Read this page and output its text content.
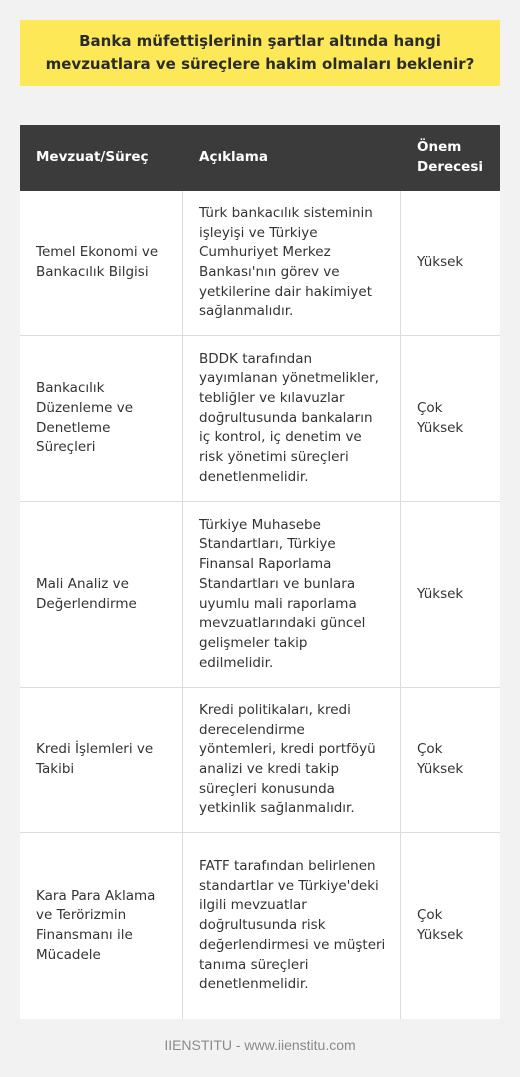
Banka müfettişlerinin şartlar altında hangi mevzuatlara ve süreçlere hakim olmaları beklenir?
Mevzuat/Süreç	Açıklama
Önem Derecesi
Temel Ekonomi ve Bankacılık Bilgisi
Türk bankacılık sisteminin işleyişi ve Türkiye Cumhuriyet Merkez Bankası'nın görev ve yetkilerine dair hakimiyet sağlanmalıdır.
Yüksek
Bankacılık Düzenleme ve Denetleme Süreçleri
BDDK tarafından yayımlanan yönetmelikler, tebliğler ve kılavuzlar doğrultusunda bankaların iç kontrol, iç denetim ve risk yönetimi süreçleri denetlenmelidir.
Çok Yüksek
Mali Analiz ve Değerlendirme
Türkiye Muhasebe Standartları, Türkiye Finansal Raporlama Standartları ve bunlara uyumlu mali raporlama mevzuatlarındaki güncel gelişmeler takip edilmelidir.
Yüksek
Kredi İşlemleri ve Takibi
Kredi politikaları, kredi derecelendirme yöntemleri, kredi portföyü analizi ve kredi takip süreçleri konusunda yetkinlik sağlanmalıdır.
Çok Yüksek
Kara Para Aklama ve Terörizmin Finansmanı ile Mücadele
FATF tarafından belirlenen standartlar ve Türkiye'deki ilgili mevzuatlar doğrultusunda risk değerlendirmesi ve müşteri tanıma süreçleri denetlenmelidir.
Çok Yüksek
IIENSTITU - www.iienstitu.com
